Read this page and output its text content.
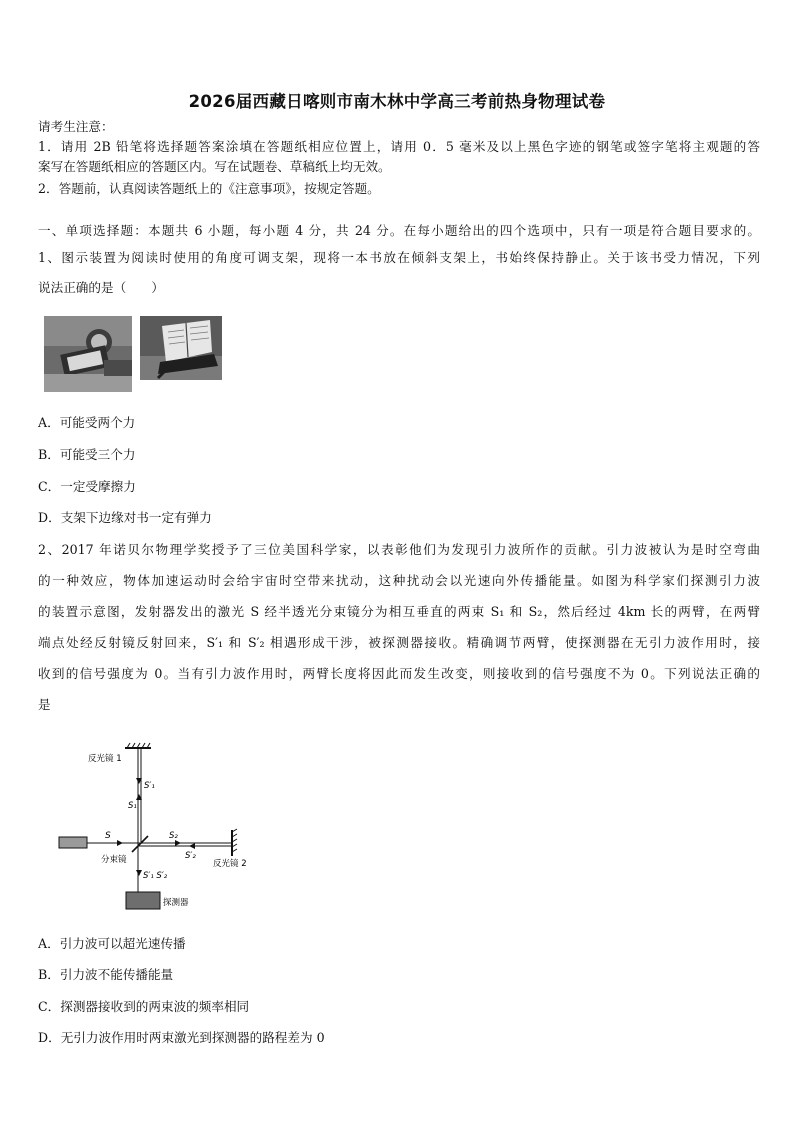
2026届西藏日喀则市南木林中学高三考前热身物理试卷
请考生注意：
1．请用 2B 铅笔将选择题答案涂填在答题纸相应位置上，请用 0．5 毫米及以上黑色字迹的钢笔或签字笔将主观题的答
案写在答题纸相应的答题区内。写在试题卷、草稿纸上均无效。
2．答题前，认真阅读答题纸上的《注意事项》，按规定答题。
一、单项选择题：本题共 6 小题，每小题 4 分，共 24 分。在每小题给出的四个选项中，只有一项是符合题目要求的。
1、图示装置为阅读时使用的角度可调支架，现将一本书放在倾斜支架上，书始终保持静止。关于该书受力情况，下列
说法正确的是（　　）
A．可能受两个力
B．可能受三个力
C．一定受摩擦力
D．支架下边缘对书一定有弹力
2、2017 年诺贝尔物理学奖授予了三位美国科学家，以表彰他们为发现引力波所作的贡献。引力波被认为是时空弯曲
的一种效应，物体加速运动时会给宇宙时空带来扰动，这种扰动会以光速向外传播能量。如图为科学家们探测引力波
的装置示意图，发射器发出的激光 S 经半透光分束镜分为相互垂直的两束 S₁ 和 S₂，然后经过 4km 长的两臂，在两臂
端点处经反射镜反射回来，S′₁ 和 S′₂ 相遇形成干涉，被探测器接收。精确调节两臂，使探测器在无引力波作用时，接
收到的信号强度为 0。当有引力波作用时，两臂长度将因此而发生改变，则接收到的信号强度不为 0。下列说法正确的
是
反光镜 1
反光镜 2
分束镜
S
S₁
S′₁
S₂
S′₂
S′₁ S′₂
探测器
A．引力波可以超光速传播
B．引力波不能传播能量
C．探测器接收到的两束波的频率相同
D．无引力波作用时两束激光到探测器的路程差为 0
